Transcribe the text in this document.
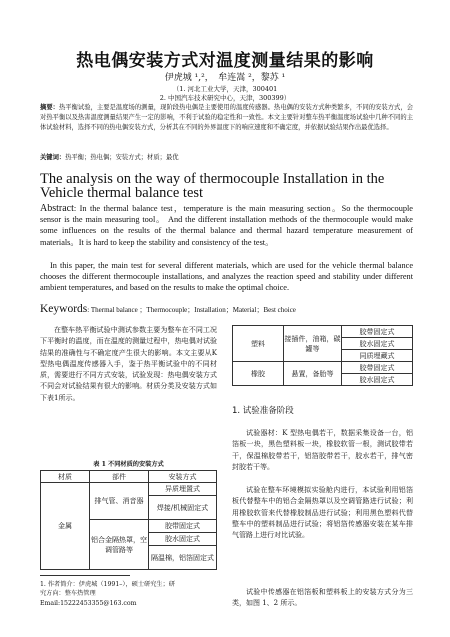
热电偶安装方式对温度测量结果的影响
伊虎城 ¹,²，　牟连嵩 ²，黎苏 ¹
（1. 河北工业大学，天津，300401
2. 中国汽车技术研究中心，天津，300399）
摘要：热平衡试验，主要是温度场的测量，现阶段热电偶是主要使用的温度传感器。热电偶的安装方式种类繁多，不同的安装方式，会对热平衡以及热害温度测量结果产生一定的影响，不利于试验的稳定性和一致性。本文主要针对整车热平衡温度场试验中几种不同的主体试验材料，选择不同的热电偶安装方式，分析其在不同的外界温度下的响应速度和不确定度，并依据试验结果作出最优选择。
关键词：热平衡；热电偶；安装方式；材质；最优
The analysis on the way of thermocouple Installation in the Vehicle thermal balance test
Abstract: In the thermal balance test，temperature is the main measuring section。So the thermocouple sensor is the main measuring tool。 And the different installation methods of the thermocouple would make some influences on the results of the thermal balance and thermal hazard temperature measurement of materials。It is hard to keep the stability and consistency of the test。
In this paper, the main test for several different materials, which are used for the vehicle thermal balance chooses the different thermocouple installations, and analyzes the reaction speed and stability under different ambient temperatures, and based on the results to make the optimal choice.
Keywords: Thermal balance ；Thermocouple；Installation；Material；Best choice
在整车热平衡试验中测试参数主要为整车在不同工况下平衡时的温度，而在温度的测量过程中，热电偶对试验结果的准确性与不确定度产生很大的影响。本文主要从K型热电偶温度传感器入手，鉴于热平衡试验中的不同材质，需要进行不同方式安装，试验发现：热电偶安装方式不同会对试验结果有很大的影响。材质分类及安装方式如下表1所示。
表 1 不同材质的安装方式
材质	部件	安装方式
金属	排气管、消音器	异质埋置式
		焊接/机械固定式
	铝合金隔热罩，空调管路等	胶带固定式
		胶水固定式
		隔温棉，铝箔固定式
1. 作者简介：伊虎城（1991–），硕士研究生；研
究方向：整车热管理
Email:15222453355@163.com
塑料	接插件，油箱，碳罐等	胶带固定式
		胶水固定式
		同质埋藏式
橡胶	悬置，备胎等	胶带固定式
		胶水固定式
1. 试验准备阶段
试验器材：K 型热电偶若干，数据采集设备一台，铝箔板一块，黑色塑料板一块，橡胶软管一根，测试胶带若干，保温棉胶带若干，铝箔胶带若干，胶水若干，排气密封胶若干等。
试验在整车环境模拟实验舱内进行，本试验利用铝箔板代替整车中的铝合金隔热罩以及空调管路进行试验；利用橡胶软管来代替橡胶制品进行试验；利用黑色塑料代替整车中的塑料制品进行试验；将铝箔传感器安装在某车排气管路上进行对比试验。
试验中传感器在铝箔板和塑料板上的安装方式分为三类，如图 1、2 所示。
